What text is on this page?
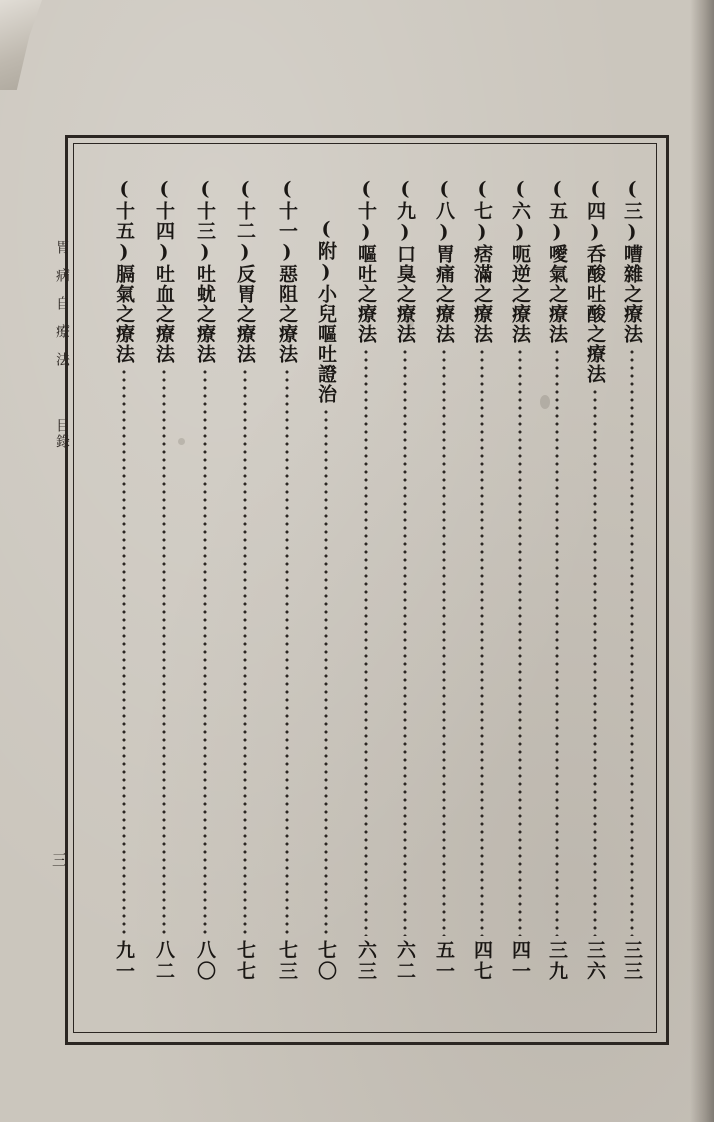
胃病自療法
目錄
三
(三)嘈雜之療法
三三
(四)呑酸吐酸之療法
三六
(五)噯氣之療法
三九
(六)呃逆之療法
四一
(七)痞滿之療法
四七
(八)胃痛之療法
五一
(九)口臭之療法
六二
(十)嘔吐之療法
六三
(附)小兒嘔吐證治
七〇
(十一)惡阻之療法
七三
(十二)反胃之療法
七七
(十三)吐蚘之療法
八〇
(十四)吐血之療法
八二
(十五)膈氣之療法
九一
